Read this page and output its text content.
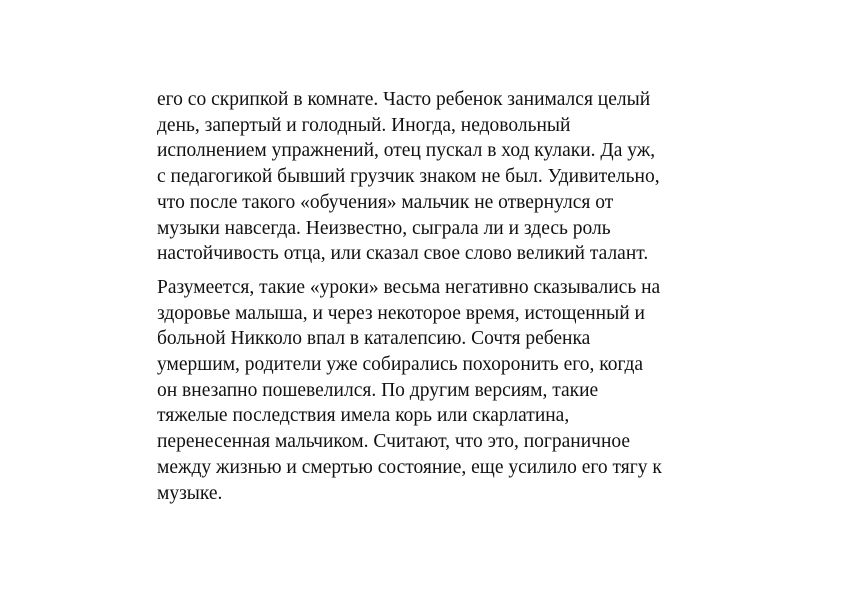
его со скрипкой в комнате. Часто ребенок занимался целый
день, запертый и голодный. Иногда, недовольный
исполнением упражнений, отец пускал в ход кулаки. Да уж,
с педагогикой бывший грузчик знаком не был. Удивительно,
что после такого «обучения» мальчик не отвернулся от
музыки навсегда. Неизвестно, сыграла ли и здесь роль
настойчивость отца, или сказал свое слово великий талант.

Разумеется, такие «уроки» весьма негативно сказывались на
здоровье малыша, и через некоторое время, истощенный и
больной Никколо впал в каталепсию. Сочтя ребенка
умершим, родители уже собирались похоронить его, когда
он внезапно пошевелился. По другим версиям, такие
тяжелые последствия имела корь или скарлатина,
перенесенная мальчиком. Считают, что это, пограничное
между жизнью и смертью состояние, еще усилило его тягу к
музыке.
